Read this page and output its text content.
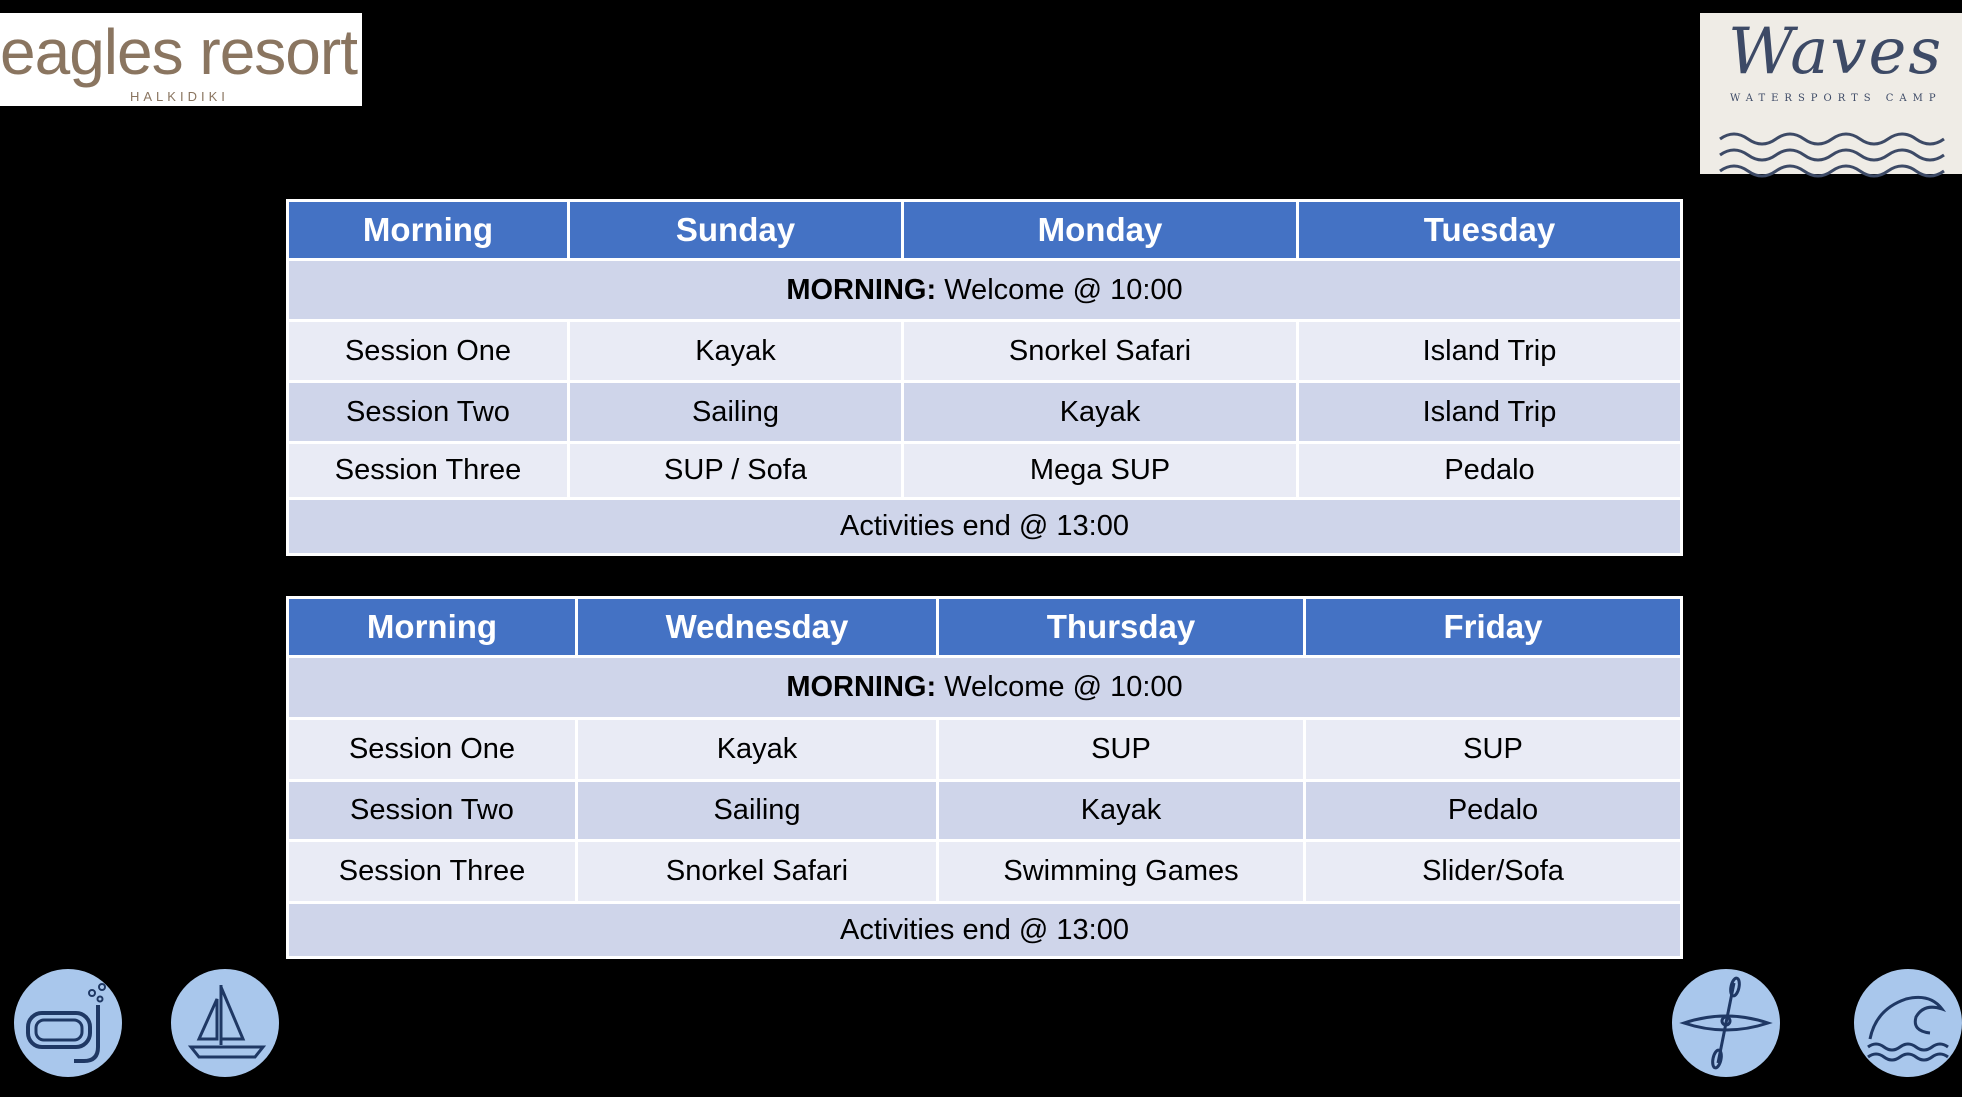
eagles resort
HALKIDIKI
Waves
WATERSPORTS CAMP
Morning	Sunday	Monday	Tuesday
MORNING: Welcome @ 10:00			
Session One	Kayak	Snorkel Safari	Island Trip
Session Two	Sailing	Kayak	Island Trip
Session Three	SUP / Sofa	Mega SUP	Pedalo
Activities end @ 13:00			
Morning	Wednesday	Thursday	Friday
MORNING: Welcome @ 10:00			
Session One	Kayak	SUP	SUP
Session Two	Sailing	Kayak	Pedalo
Session Three	Snorkel Safari	Swimming Games	Slider/Sofa
Activities end @ 13:00			
